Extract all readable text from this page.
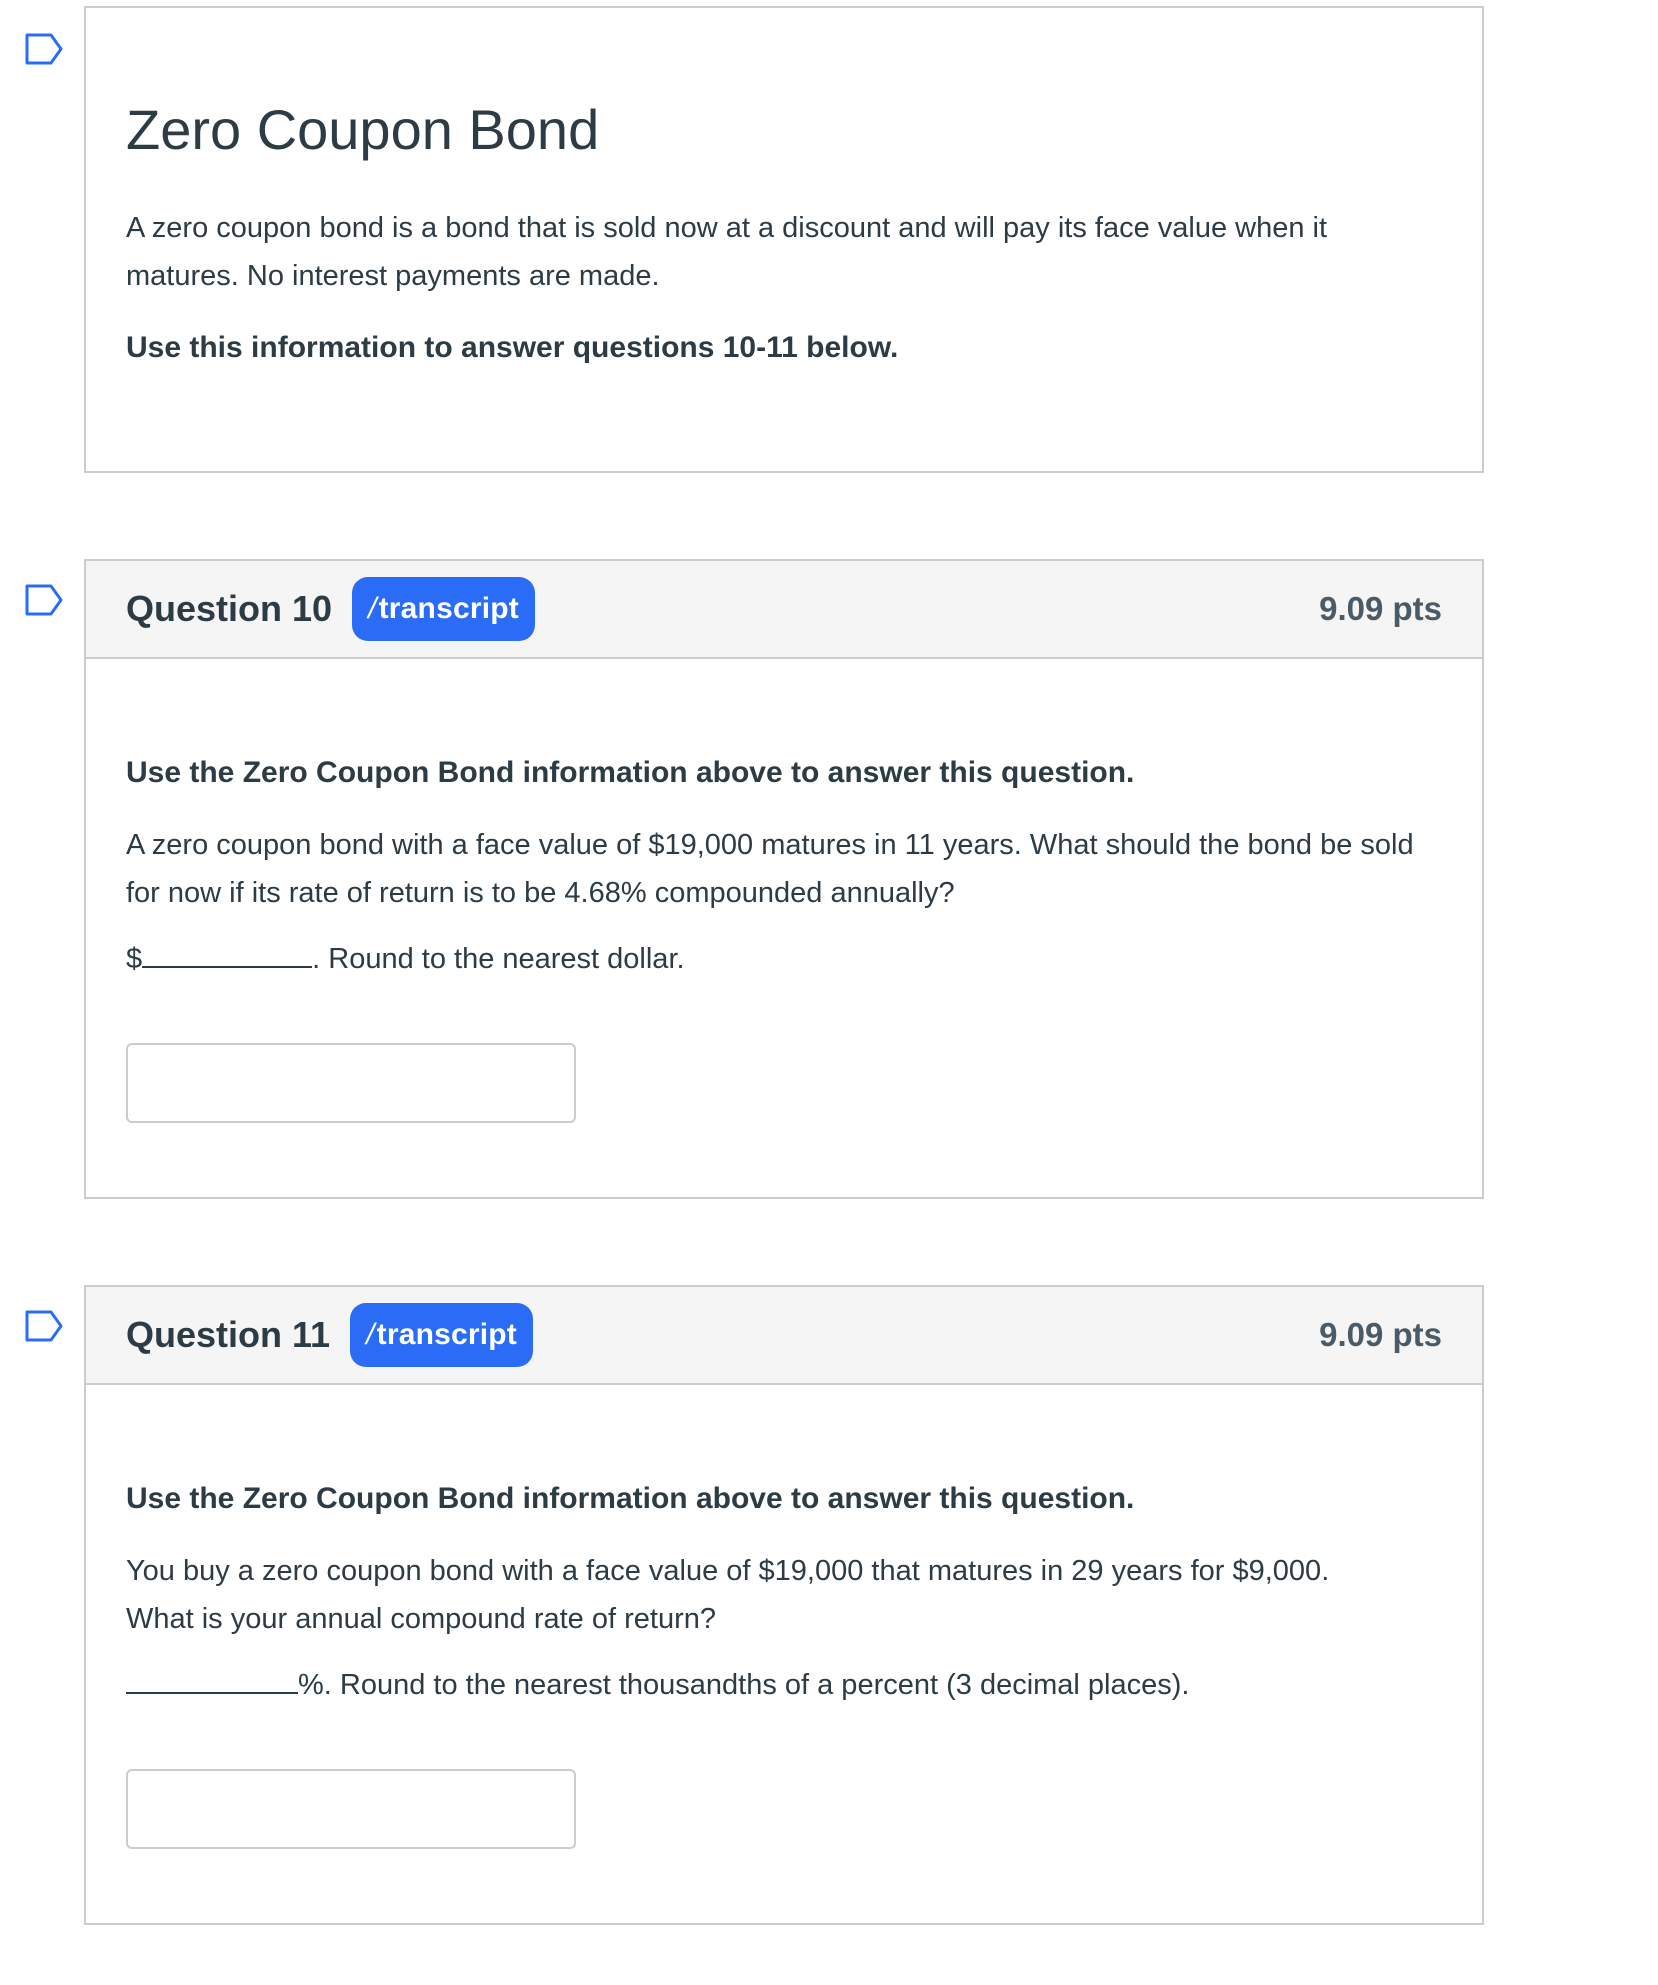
Zero Coupon Bond

A zero coupon bond is a bond that is sold now at a discount and will pay its face value when it matures. No interest payments are made.

Use this information to answer questions 10-11 below.

Question 10 / transcript	9.09 pts

Use the Zero Coupon Bond information above to answer this question.

A zero coupon bond with a face value of $19,000 matures in 11 years. What should the bond be sold for now if its rate of return is to be 4.68% compounded annually?

$	. Round to the nearest dollar.

Question 11 / transcript	9.09 pts

Use the Zero Coupon Bond information above to answer this question.

You buy a zero coupon bond with a face value of $19,000 that matures in 29 years for $9,000. What is your annual compound rate of return?

%. Round to the nearest thousandths of a percent (3 decimal places).
